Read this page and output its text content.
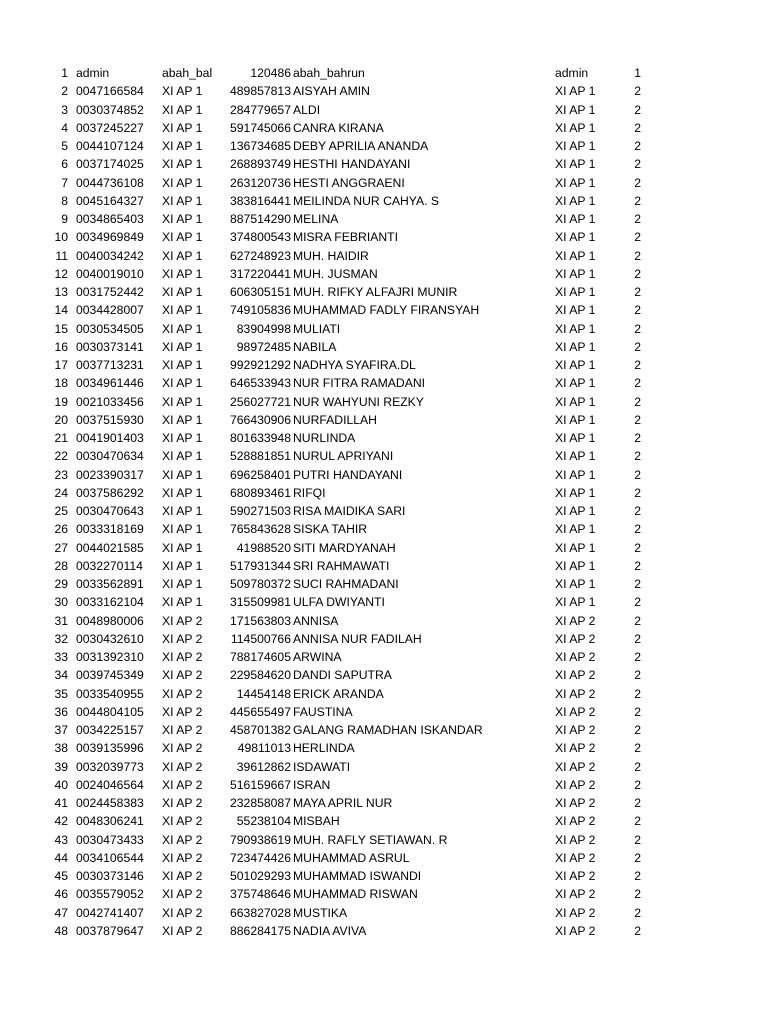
1 admin	abah_bal	120486 abah_bahrun	admin	1
2 0047166584	XI AP 1	489857813 AISYAH AMIN	XI AP 1	2
3 0030374852	XI AP 1	284779657 ALDI	XI AP 1	2
4 0037245227	XI AP 1	591745066 CANRA KIRANA	XI AP 1	2
5 0044107124	XI AP 1	136734685 DEBY APRILIA ANANDA	XI AP 1	2
6 0037174025	XI AP 1	268893749 HESTHI HANDAYANI	XI AP 1	2
7 0044736108	XI AP 1	263120736 HESTI ANGGRAENI	XI AP 1	2
8 0045164327	XI AP 1	383816441 MEILINDA NUR CAHYA. S	XI AP 1	2
9 0034865403	XI AP 1	887514290 MELINA	XI AP 1	2
10 0034969849	XI AP 1	374800543 MISRA FEBRIANTI	XI AP 1	2
11 0040034242	XI AP 1	627248923 MUH. HAIDIR	XI AP 1	2
12 0040019010	XI AP 1	317220441 MUH. JUSMAN	XI AP 1	2
13 0031752442	XI AP 1	606305151 MUH. RIFKY ALFAJRI MUNIR	XI AP 1	2
14 0034428007	XI AP 1	749105836 MUHAMMAD FADLY FIRANSYAH	XI AP 1	2
15 0030534505	XI AP 1	83904998 MULIATI	XI AP 1	2
16 0030373141	XI AP 1	98972485 NABILA	XI AP 1	2
17 0037713231	XI AP 1	992921292 NADHYA SYAFIRA.DL	XI AP 1	2
18 0034961446	XI AP 1	646533943 NUR FITRA RAMADANI	XI AP 1	2
19 0021033456	XI AP 1	256027721 NUR WAHYUNI REZKY	XI AP 1	2
20 0037515930	XI AP 1	766430906 NURFADILLAH	XI AP 1	2
21 0041901403	XI AP 1	801633948 NURLINDA	XI AP 1	2
22 0030470634	XI AP 1	528881851 NURUL APRIYANI	XI AP 1	2
23 0023390317	XI AP 1	696258401 PUTRI HANDAYANI	XI AP 1	2
24 0037586292	XI AP 1	680893461 RIFQI	XI AP 1	2
25 0030470643	XI AP 1	590271503 RISA MAIDIKA SARI	XI AP 1	2
26 0033318169	XI AP 1	765843628 SISKA TAHIR	XI AP 1	2
27 0044021585	XI AP 1	41988520 SITI MARDYANAH	XI AP 1	2
28 0032270114	XI AP 1	517931344 SRI RAHMAWATI	XI AP 1	2
29 0033562891	XI AP 1	509780372 SUCI RAHMADANI	XI AP 1	2
30 0033162104	XI AP 1	315509981 ULFA DWIYANTI	XI AP 1	2
31 0048980006	XI AP 2	171563803 ANNISA	XI AP 2	2
32 0030432610	XI AP 2	114500766 ANNISA NUR FADILAH	XI AP 2	2
33 0031392310	XI AP 2	788174605 ARWINA	XI AP 2	2
34 0039745349	XI AP 2	229584620 DANDI SAPUTRA	XI AP 2	2
35 0033540955	XI AP 2	14454148 ERICK ARANDA	XI AP 2	2
36 0044804105	XI AP 2	445655497 FAUSTINA	XI AP 2	2
37 0034225157	XI AP 2	458701382 GALANG RAMADHAN ISKANDAR	XI AP 2	2
38 0039135996	XI AP 2	49811013 HERLINDA	XI AP 2	2
39 0032039773	XI AP 2	39612862 ISDAWATI	XI AP 2	2
40 0024046564	XI AP 2	516159667 ISRAN	XI AP 2	2
41 0024458383	XI AP 2	232858087 MAYA APRIL NUR	XI AP 2	2
42 0048306241	XI AP 2	55238104 MISBAH	XI AP 2	2
43 0030473433	XI AP 2	790938619 MUH. RAFLY SETIAWAN. R	XI AP 2	2
44 0034106544	XI AP 2	723474426 MUHAMMAD ASRUL	XI AP 2	2
45 0030373146	XI AP 2	501029293 MUHAMMAD ISWANDI	XI AP 2	2
46 0035579052	XI AP 2	375748646 MUHAMMAD RISWAN	XI AP 2	2
47 0042741407	XI AP 2	663827028 MUSTIKA	XI AP 2	2
48 0037879647	XI AP 2	886284175 NADIA AVIVA	XI AP 2	2
